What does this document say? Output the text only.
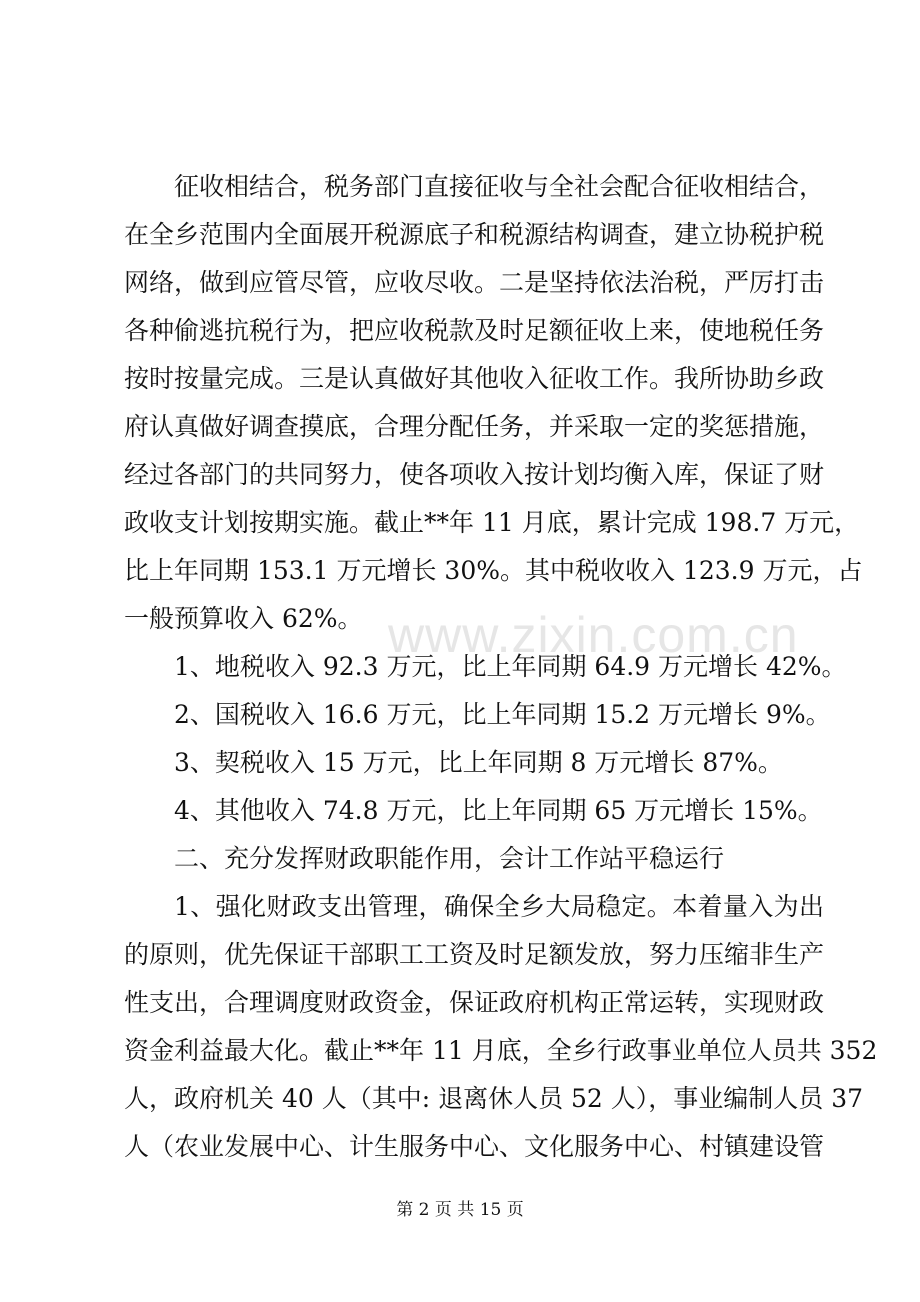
www.zixin.com.cn
征收相结合，税务部门直接征收与全社会配合征收相结合，
在全乡范围内全面展开税源底子和税源结构调查，建立协税护税
网络，做到应管尽管，应收尽收。二是坚持依法治税，严厉打击
各种偷逃抗税行为，把应收税款及时足额征收上来，使地税任务
按时按量完成。三是认真做好其他收入征收工作。我所协助乡政
府认真做好调查摸底，合理分配任务，并采取一定的奖惩措施，
经过各部门的共同努力，使各项收入按计划均衡入库，保证了财
政收支计划按期实施。截止**年 11 月底，累计完成 198.7 万元，
比上年同期 153.1 万元增长 30%。其中税收收入 123.9 万元，占
一般预算收入 62%。
1、地税收入 92.3 万元，比上年同期 64.9 万元增长 42%。
2、国税收入 16.6 万元，比上年同期 15.2 万元增长 9%。
3、契税收入 15 万元，比上年同期 8 万元增长 87%。
4、其他收入 74.8 万元，比上年同期 65 万元增长 15%。
二、充分发挥财政职能作用，会计工作站平稳运行
1、强化财政支出管理，确保全乡大局稳定。本着量入为出
的原则，优先保证干部职工工资及时足额发放，努力压缩非生产
性支出，合理调度财政资金，保证政府机构正常运转，实现财政
资金利益最大化。截止**年 11 月底，全乡行政事业单位人员共 352
人，政府机关 40 人（其中: 退离休人员 52 人），事业编制人员 37
人（农业发展中心、计生服务中心、文化服务中心、村镇建设管
第 2 页 共 15 页
